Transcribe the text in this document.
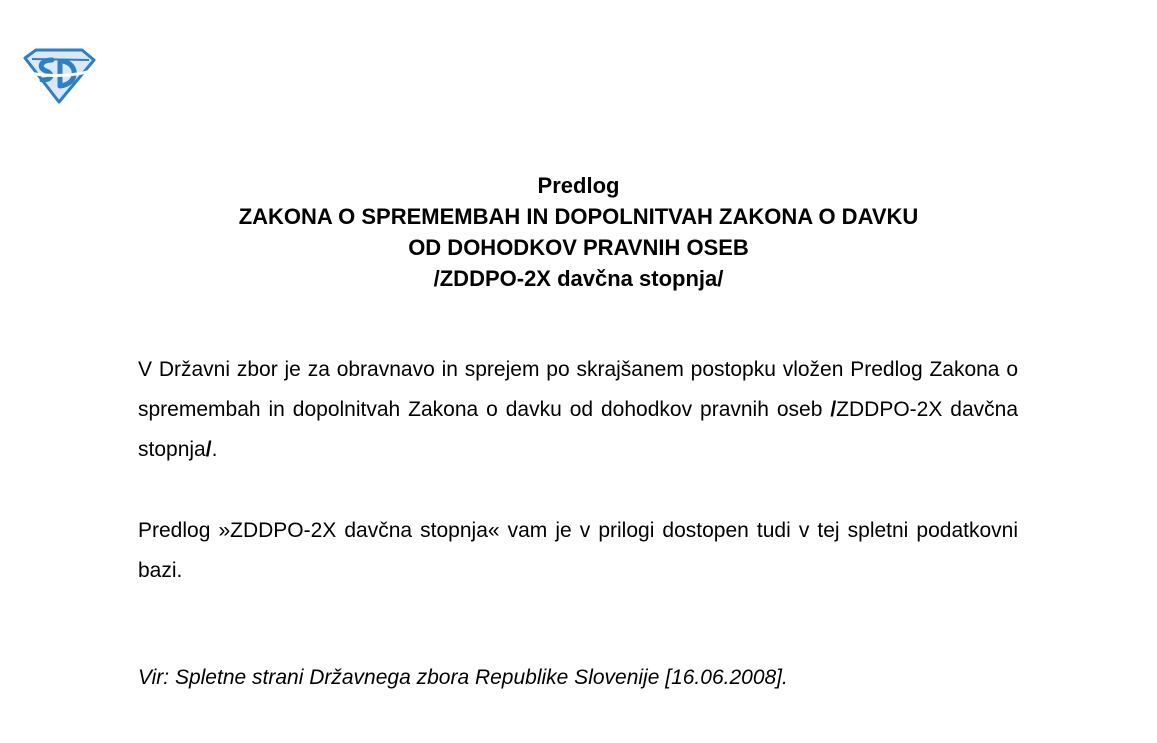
Predlog
ZAKONA O SPREMEMBAH IN DOPOLNITVAH ZAKONA O DAVKU
OD DOHODKOV PRAVNIH OSEB
/ZDDPO-2X davčna stopnja/
V Državni zbor je za obravnavo in sprejem po skrajšanem postopku vložen Predlog Zakona o spremembah in dopolnitvah Zakona o davku od dohodkov pravnih oseb /ZDDPO-2X davčna stopnja/.
Predlog »ZDDPO-2X davčna stopnja« vam je v prilogi dostopen tudi v tej spletni podatkovni bazi.
Vir: Spletne strani Državnega zbora Republike Slovenije [16.06.2008].
